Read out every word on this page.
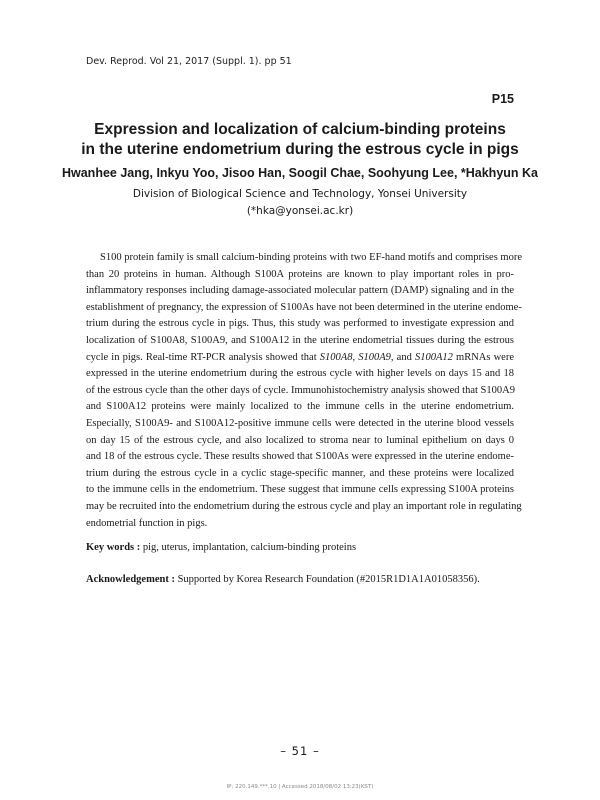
Dev. Reprod. Vol 21, 2017 (Suppl. 1). pp 51
P15
Expression and localization of calcium-binding proteins
in the uterine endometrium during the estrous cycle in pigs
Hwanhee Jang, Inkyu Yoo, Jisoo Han, Soogil Chae, Soohyung Lee, *Hakhyun Ka
Division of Biological Science and Technology, Yonsei University
(*hka@yonsei.ac.kr)
S100 protein family is small calcium-binding proteins with two EF-hand motifs and comprises more
than 20 proteins in human. Although S100A proteins are known to play important roles in pro-
inflammatory responses including damage-associated molecular pattern (DAMP) signaling and in the
establishment of pregnancy, the expression of S100As have not been determined in the uterine endome-
trium during the estrous cycle in pigs. Thus, this study was performed to investigate expression and
localization of S100A8, S100A9, and S100A12 in the uterine endometrial tissues during the estrous
cycle in pigs. Real-time RT-PCR analysis showed that S100A8, S100A9, and S100A12 mRNAs were
expressed in the uterine endometrium during the estrous cycle with higher levels on days 15 and 18
of the estrous cycle than the other days of cycle. Immunohistochemistry analysis showed that S100A9
and S100A12 proteins were mainly localized to the immune cells in the uterine endometrium.
Especially, S100A9- and S100A12-positive immune cells were detected in the uterine blood vessels
on day 15 of the estrous cycle, and also localized to stroma near to luminal epithelium on days 0
and 18 of the estrous cycle. These results showed that S100As were expressed in the uterine endome-
trium during the estrous cycle in a cyclic stage-specific manner, and these proteins were localized
to the immune cells in the endometrium. These suggest that immune cells expressing S100A proteins
may be recruited into the endometrium during the estrous cycle and play an important role in regulating
endometrial function in pigs.
Key words : pig, uterus, implantation, calcium-binding proteins
Acknowledgement : Supported by Korea Research Foundation (#2015R1D1A1A01058356).
– 51 –
IP: 220.149.***.10 | Accessed 2018/08/02 13:23(KST)
